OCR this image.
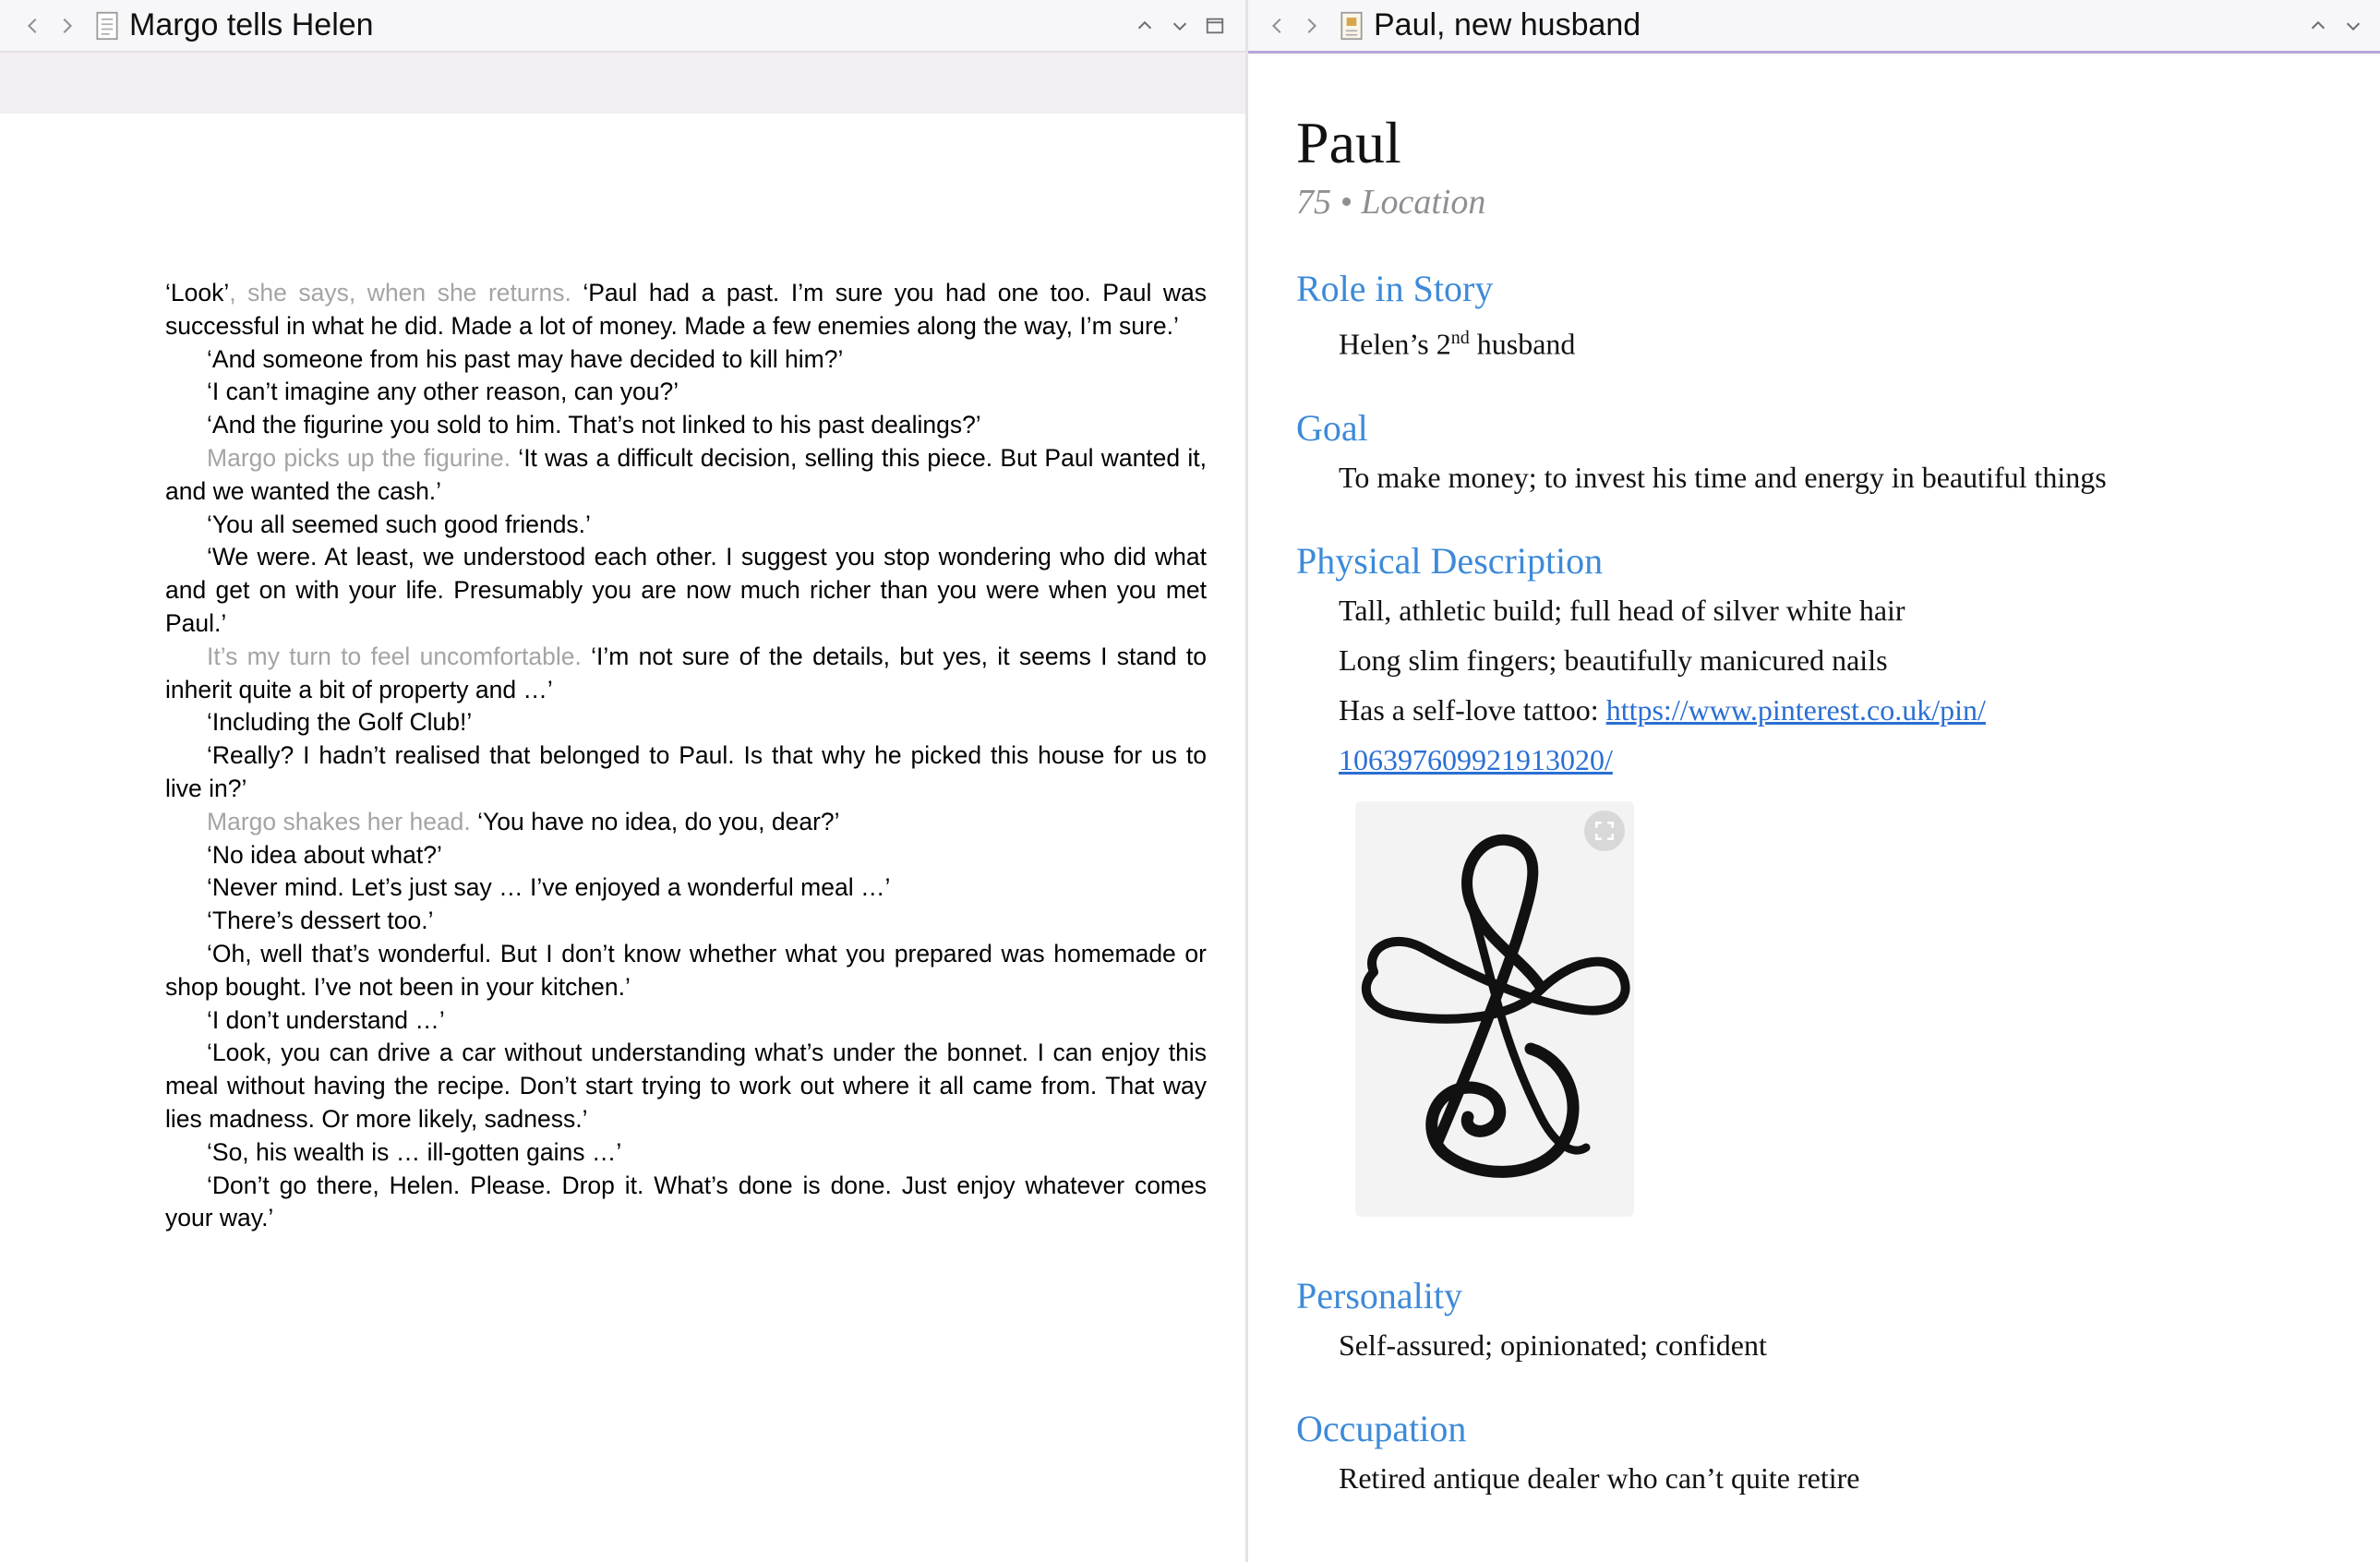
Margo tells Helen

‘Look’, she says, when she returns. ‘Paul had a past. I’m sure you had one too. Paul was successful in what he did. Made a lot of money. Made a few enemies along the way, I’m sure.’

‘And someone from his past may have decided to kill him?’

‘I can’t imagine any other reason, can you?’

‘And the figurine you sold to him. That’s not linked to his past dealings?’

Margo picks up the figurine. ‘It was a difficult decision, selling this piece. But Paul wanted it, and we wanted the cash.’

‘You all seemed such good friends.’

‘We were. At least, we understood each other. I suggest you stop wondering who did what and get on with your life. Presumably you are now much richer than you were when you met Paul.’

It’s my turn to feel uncomfortable. ‘I’m not sure of the details, but yes, it seems I stand to inherit quite a bit of property and …’

‘Including the Golf Club!’

‘Really? I hadn’t realised that belonged to Paul. Is that why he picked this house for us to live in?’

Margo shakes her head. ‘You have no idea, do you, dear?’

‘No idea about what?’

‘Never mind. Let’s just say … I’ve enjoyed a wonderful meal …’

‘There’s dessert too.’

‘Oh, well that’s wonderful. But I don’t know whether what you prepared was homemade or shop bought. I’ve not been in your kitchen.’

‘I don’t understand …’

‘Look, you can drive a car without understanding what’s under the bonnet. I can enjoy this meal without having the recipe. Don’t start trying to work out where it all came from. That way lies madness. Or more likely, sadness.’

‘So, his wealth is … ill-gotten gains …’

‘Don’t go there, Helen. Please. Drop it. What’s done is done. Just enjoy whatever comes your way.’

Paul, new husband
Paul
75 • Location
Role in Story
Helen’s 2nd husband
Goal
To make money; to invest his time and energy in beautiful things
Physical Description
Tall, athletic build; full head of silver white hair
Long slim fingers; beautifully manicured nails
Has a self-love tattoo: https://www.pinterest.co.uk/pin/
106397609921913020/
Personality
Self-assured; opinionated; confident
Occupation
Retired antique dealer who can’t quite retire
